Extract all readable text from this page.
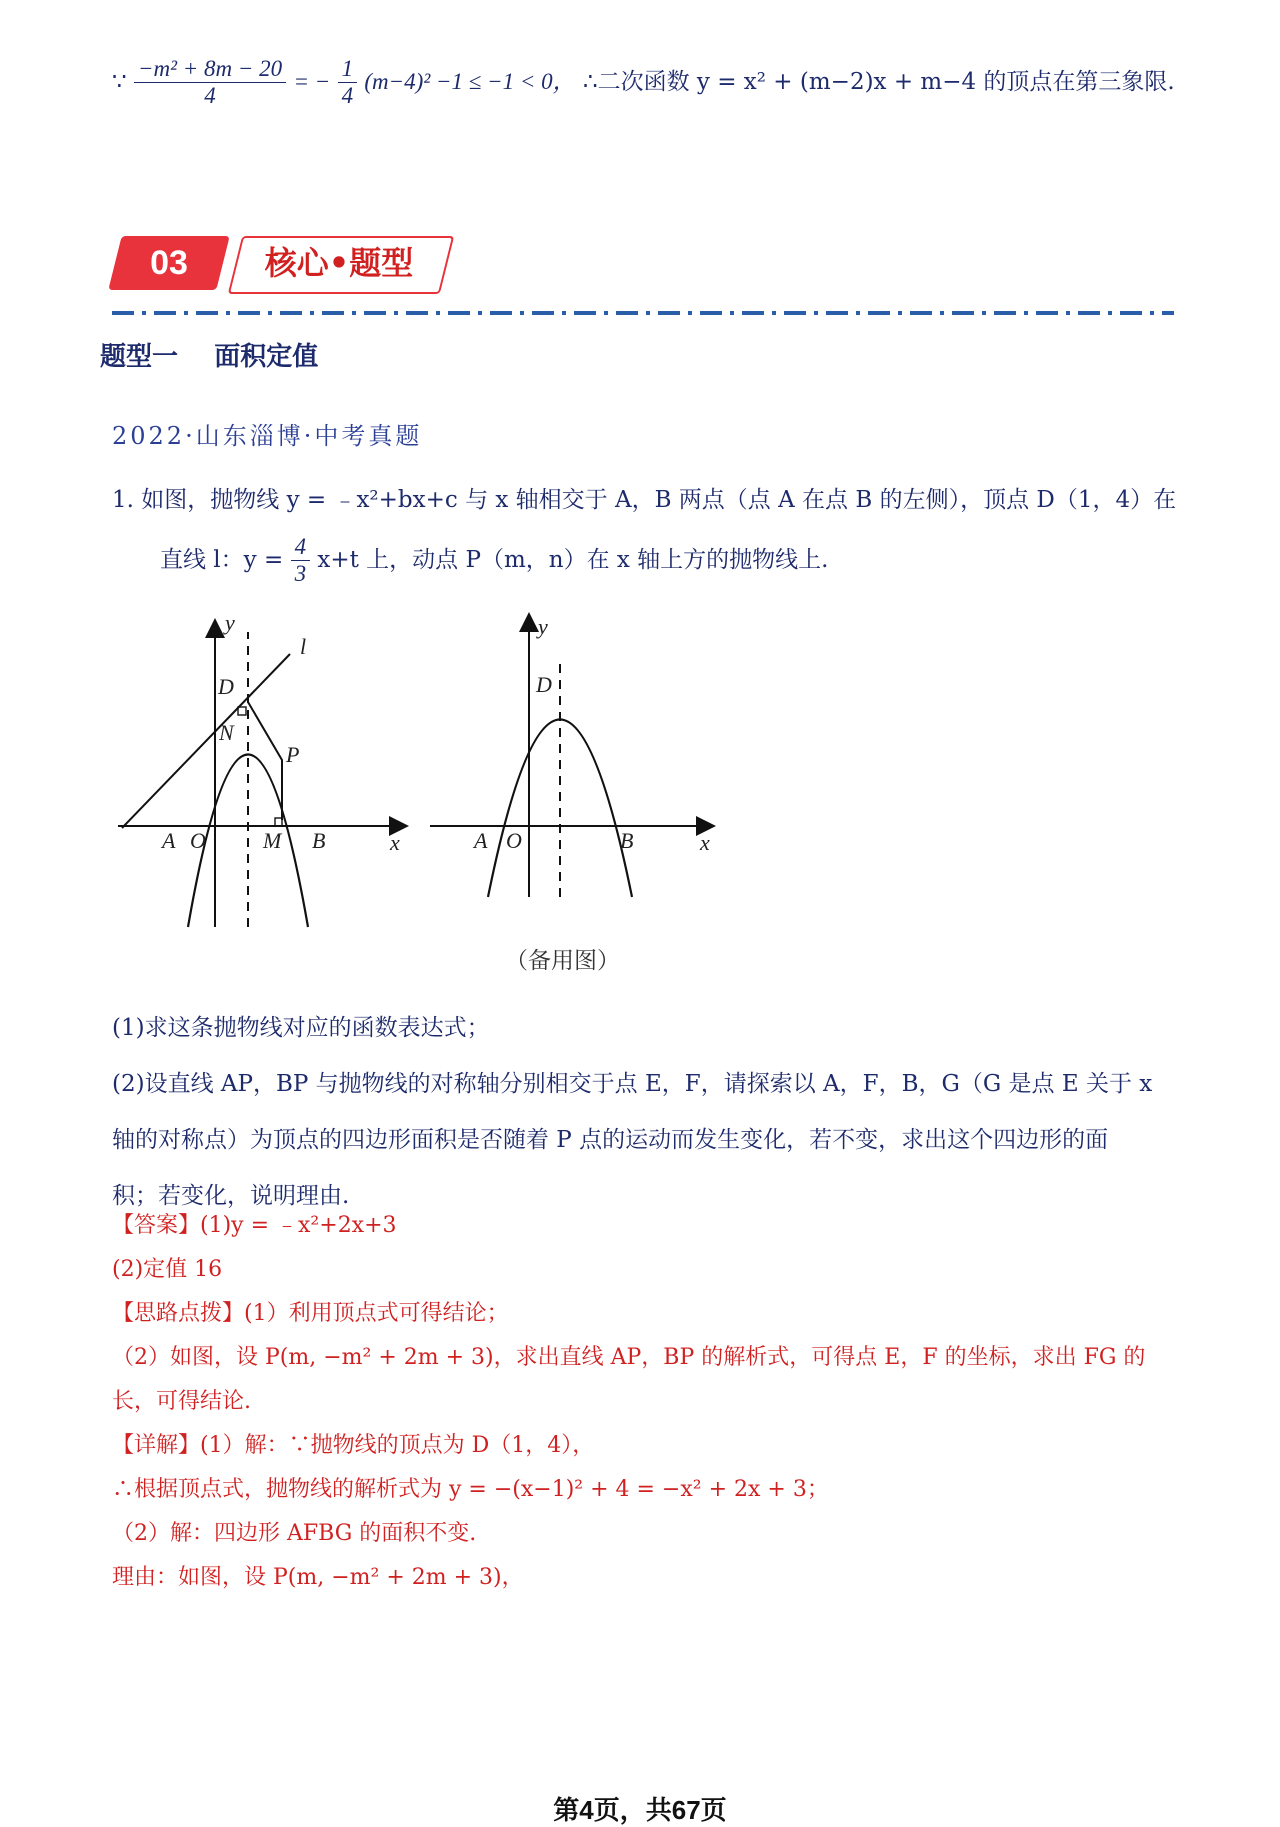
∵ $\frac{\text{−m² + 8m − 20}}{4}$ = − $\frac{1}{4} (m-4)^2 -1 \le -1 < 0$， ∴二次函数 y = x² + (m−2)x + m−4 的顶点在第三象限.
03	核心•题型
题型一    面积定值
2022·山东淄博·中考真题
1. 如图，抛物线 y = ﹣x²+bx+c 与 x 轴相交于 A，B 两点（点 A 在点 B 的左侧），顶点 D（1，4）在
直线 l：$y = \frac{4}{3} x+t$ 上，动点 P（m，n）在 x 轴上方的抛物线上.
y
l
D
N
P
A O	M B	x
y
D
A O	B	x
（备用图）
(1)求这条抛物线对应的函数表达式；
(2)设直线 AP，BP 与抛物线的对称轴分别相交于点 E，F，请探索以 A，F，B，G（G 是点 E 关于 x
轴的对称点）为顶点的四边形面积是否随着 P 点的运动而发生变化，若不变，求出这个四边形的面
积；若变化，说明理由.
【答案】(1)y = ﹣x²+2x+3
(2)定值 16
【思路点拨】(1）利用顶点式可得结论；
（2）如图，设 P(m, −m² + 2m + 3)，求出直线 AP，BP 的解析式，可得点 E，F 的坐标，求出 FG 的
长，可得结论.
【详解】(1）解：∵抛物线的顶点为 D（1，4），
∴根据顶点式，抛物线的解析式为 y = −(x−1)² + 4 = −x² + 2x + 3；
（2）解：四边形 AFBG 的面积不变.
理由：如图，设 P(m, −m² + 2m + 3)，
第4页，共67页
